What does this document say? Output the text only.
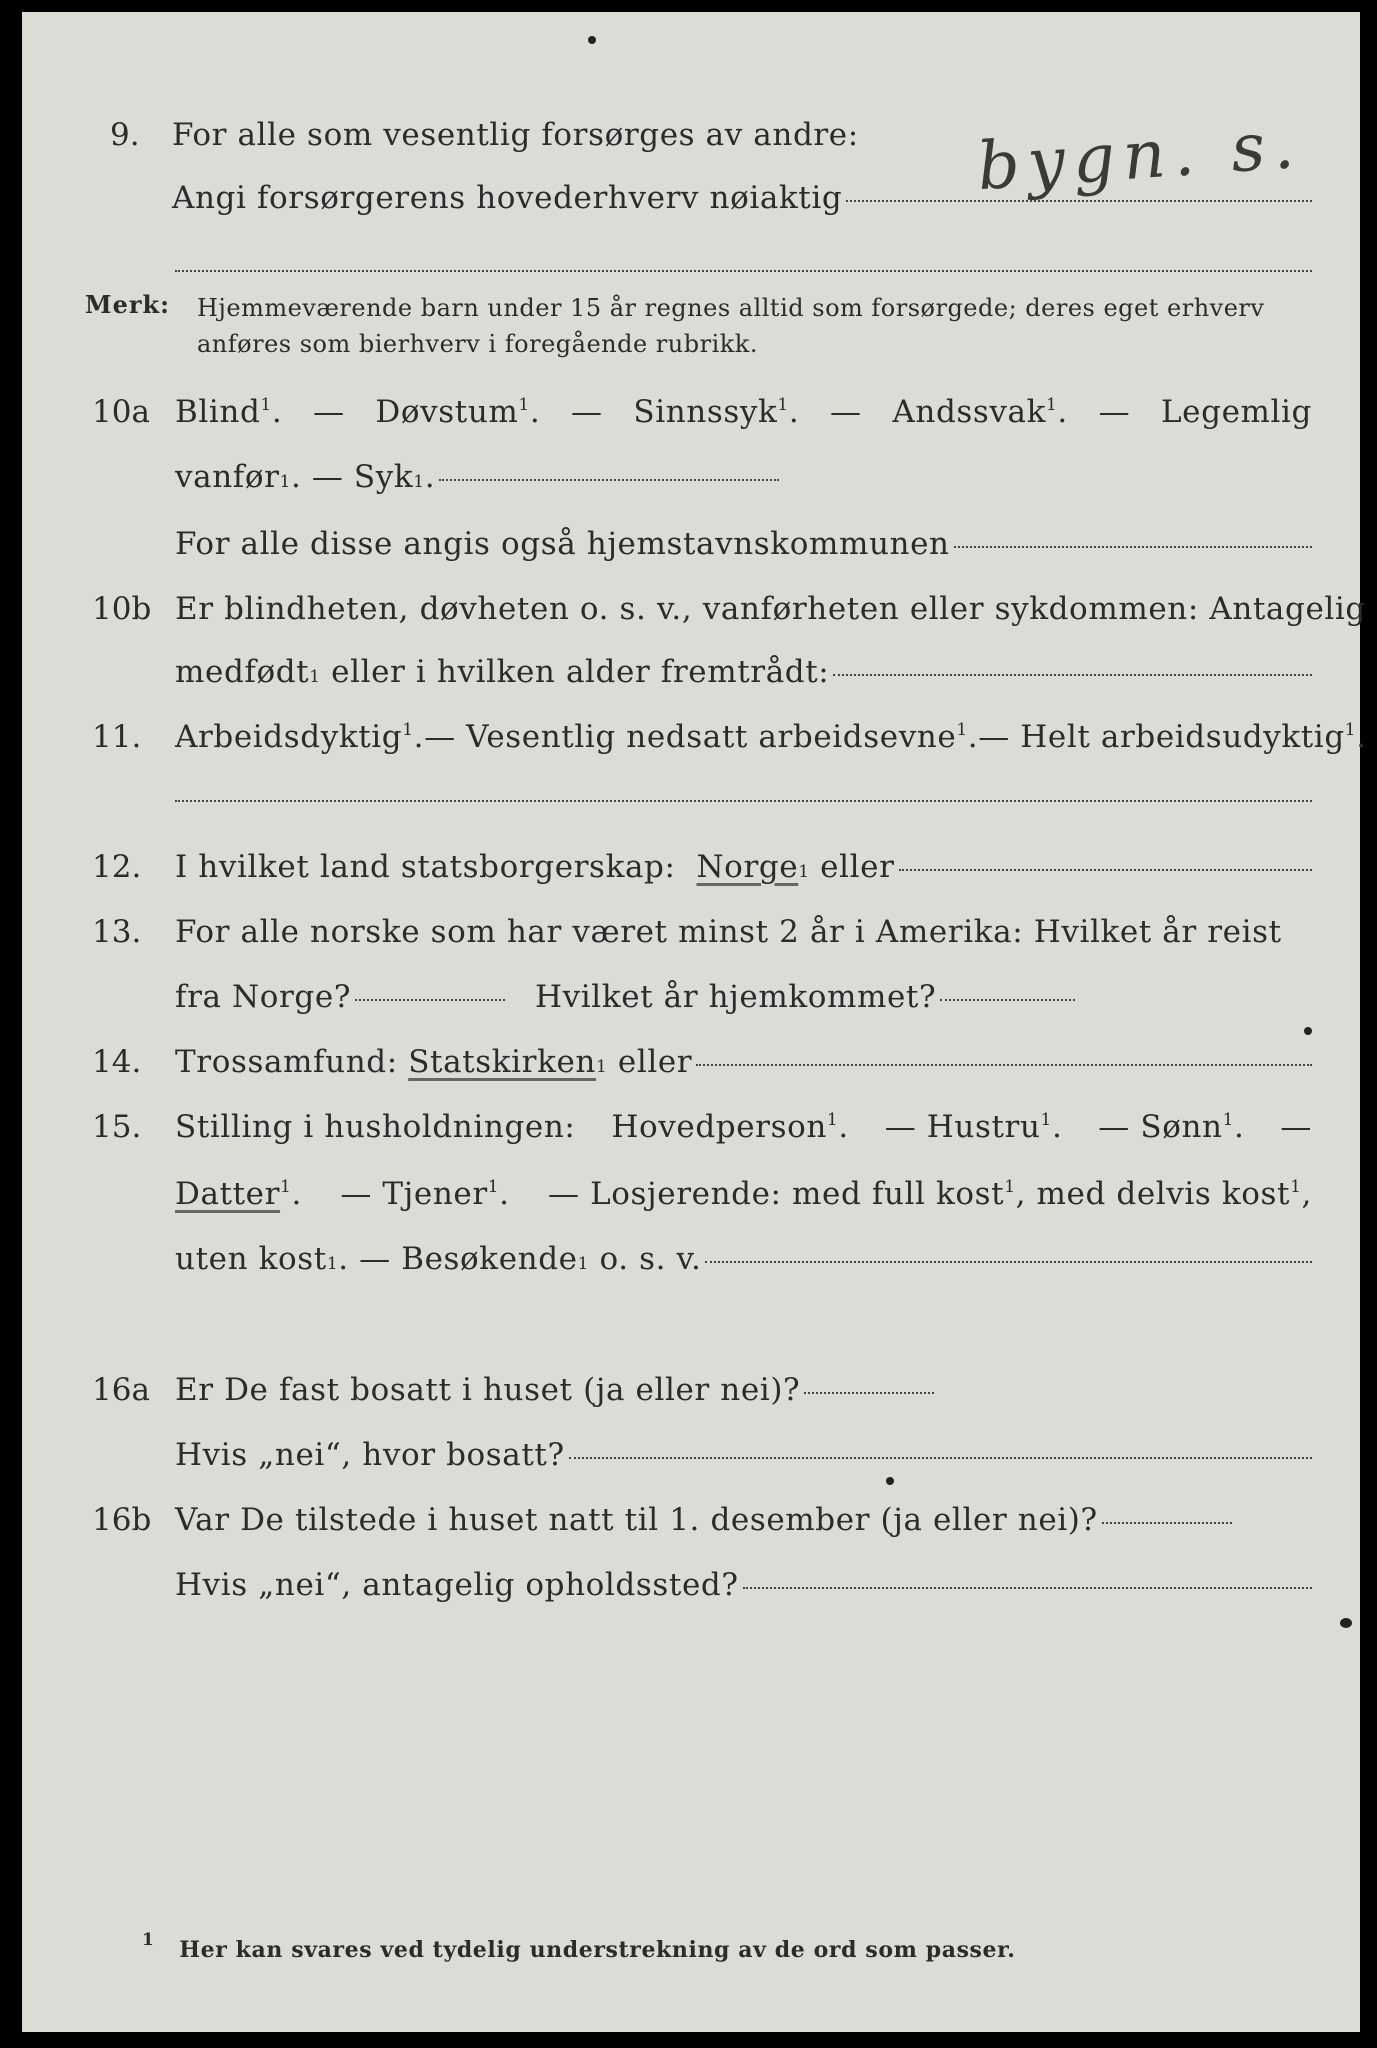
9. For alle som vesentlig forsørges av andre:
Angi forsørgerens hovederhverv nøiaktig bygn. s.
Merk: Hjemmeværende barn under 15 år regnes alltid som forsørgede; deres eget erhverv anføres som bierhverv i foregående rubrikk.
10a Blind$^1$. — Døvstum$^1$. — Sinnssyk$^1$. — Andssvak$^1$. — Legemlig
vanfør 1 . — Syk 1 .
For alle disse angis også hjemstavnskommunen
10b Er blindheten, døvheten o. s. v., vanførheten eller sykdommen: Antagelig
medfødt 1
eller i hvilken alder fremtrådt:
11. Arbeidsdyktig$^1$. — Vesentlig nedsatt arbeidsevne$^1$. — Helt arbeidsudyktig$^1$.
12. I hvilket land statsborgerskap:
Norge 1
eller
13. For alle norske som har været minst 2 år i Amerika: Hvilket år reist
fra Norge?	Hvilket år hjemkommet?
14. Trossamfund:
Statskirken 1
eller
15. Stilling i husholdningen: Hovedperson$^1$. — Hustru$^1$. — Sønn$^1$. —
Datter$^1$. — Tjener$^1$. — Losjerende: med full kost$^1$, med delvis kost$^1$,
uten kost 1 . — Besøkende 1
o. s. v.
16a Er De fast bosatt i huset (ja eller nei)?
Hvis „nei“, hvor bosatt?
16b Var De tilstede i huset natt til 1. desember (ja eller nei)?
Hvis „nei“, antagelig opholdssted?
$^1$ Her kan svares ved tydelig understrekning av de ord som passer.
